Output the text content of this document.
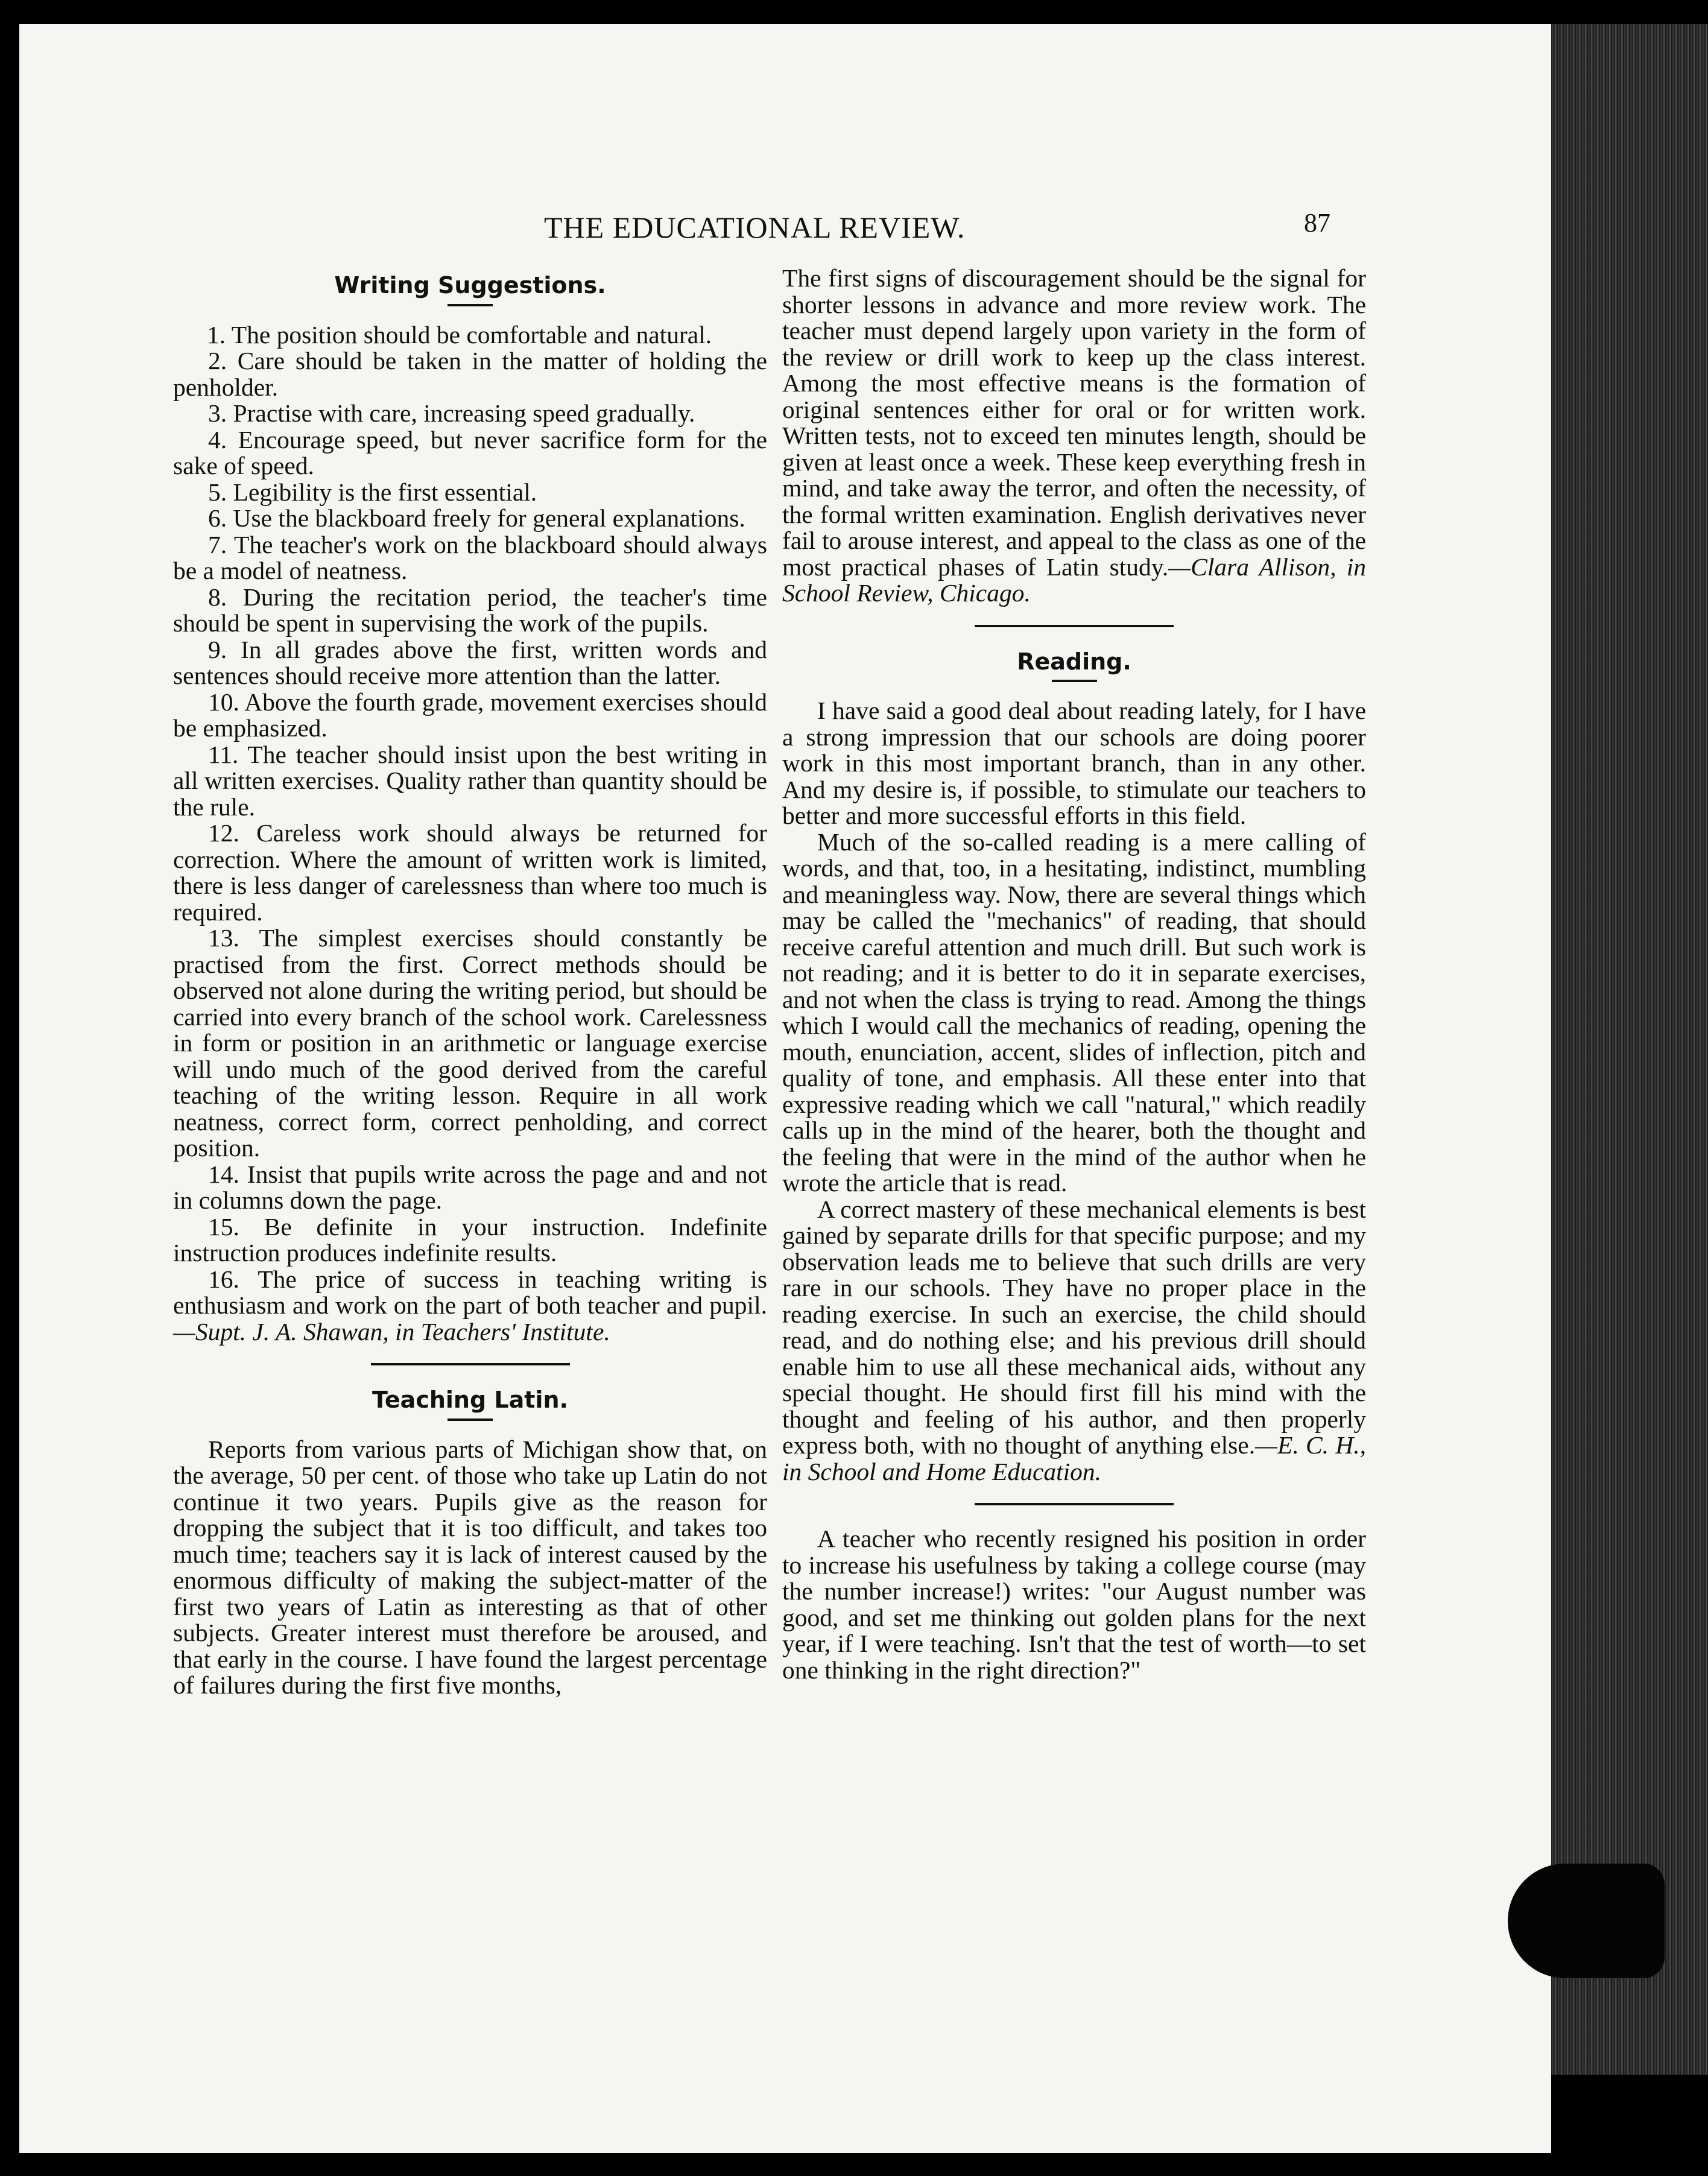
THE EDUCATIONAL REVIEW.	87
Writing Suggestions.

1. The position should be comfortable and natural.

2. Care should be taken in the matter of holding the penholder.

3. Practise with care, increasing speed gradually.

4. Encourage speed, but never sacrifice form for the sake of speed.

5. Legibility is the first essential.

6. Use the blackboard freely for general explanations.

7. The teacher's work on the blackboard should always be a model of neatness.

8. During the recitation period, the teacher's time should be spent in supervising the work of the pupils.

9. In all grades above the first, written words and sentences should receive more attention than the latter.

10. Above the fourth grade, movement exercises should be emphasized.

11. The teacher should insist upon the best writing in all written exercises. Quality rather than quantity should be the rule.

12. Careless work should always be returned for correction. Where the amount of written work is limited, there is less danger of carelessness than where too much is required.

13. The simplest exercises should constantly be practised from the first. Correct methods should be observed not alone during the writing period, but should be carried into every branch of the school work. Carelessness in form or position in an arithmetic or language exercise will undo much of the good derived from the careful teaching of the writing lesson. Require in all work neatness, correct form, correct penholding, and correct position.

14. Insist that pupils write across the page and and not in columns down the page.

15. Be definite in your instruction. Indefinite instruction produces indefinite results.

16. The price of success in teaching writing is enthusiasm and work on the part of both teacher and pupil.—Supt. J. A. Shawan, in Teachers' Institute.

Teaching Latin.

Reports from various parts of Michigan show that, on the average, 50 per cent. of those who take up Latin do not continue it two years. Pupils give as the reason for dropping the subject that it is too difficult, and takes too much time; teachers say it is lack of interest caused by the enormous difficulty of making the subject-matter of the first two years of Latin as interesting as that of other subjects. Greater interest must therefore be aroused, and that early in the course. I have found the largest percentage of failures during the first five months,

The first signs of discouragement should be the signal for shorter lessons in advance and more review work. The teacher must depend largely upon variety in the form of the review or drill work to keep up the class interest. Among the most effective means is the formation of original sentences either for oral or for written work. Written tests, not to exceed ten minutes length, should be given at least once a week. These keep everything fresh in mind, and take away the terror, and often the necessity, of the formal written examination. English derivatives never fail to arouse interest, and appeal to the class as one of the most practical phases of Latin study.—Clara Allison, in School Review, Chicago.

Reading.

I have said a good deal about reading lately, for I have a strong impression that our schools are doing poorer work in this most important branch, than in any other. And my desire is, if possible, to stimulate our teachers to better and more successful efforts in this field.

Much of the so-called reading is a mere calling of words, and that, too, in a hesitating, indistinct, mumbling and meaningless way. Now, there are several things which may be called the "mechanics" of reading, that should receive careful attention and much drill. But such work is not reading; and it is better to do it in separate exercises, and not when the class is trying to read. Among the things which I would call the mechanics of reading, opening the mouth, enunciation, accent, slides of inflection, pitch and quality of tone, and emphasis. All these enter into that expressive reading which we call "natural," which readily calls up in the mind of the hearer, both the thought and the feeling that were in the mind of the author when he wrote the article that is read.

A correct mastery of these mechanical elements is best gained by separate drills for that specific purpose; and my observation leads me to believe that such drills are very rare in our schools. They have no proper place in the reading exercise. In such an exercise, the child should read, and do nothing else; and his previous drill should enable him to use all these mechanical aids, without any special thought. He should first fill his mind with the thought and feeling of his author, and then properly express both, with no thought of anything else.—E. C. H., in School and Home Education.

A teacher who recently resigned his position in order to increase his usefulness by taking a college course (may the number increase!) writes: "our August number was good, and set me thinking out golden plans for the next year, if I were teaching. Isn't that the test of worth—to set one thinking in the right direction?"
